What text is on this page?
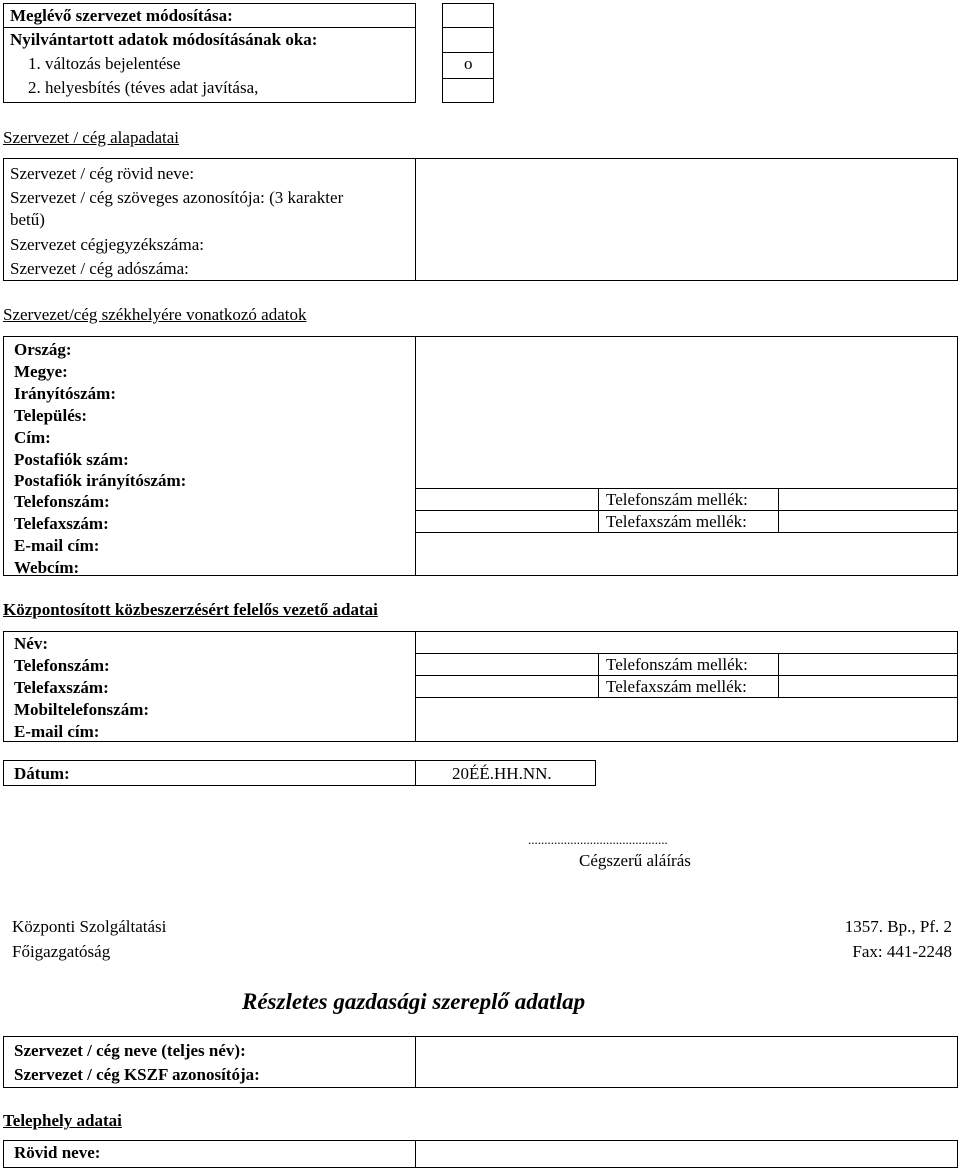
Meglévő szervezet módosítása:
Nyilvántartott adatok módosításának oka:
1. változás bejelentése
2. helyesbítés (téves adat javítása,
o
Szervezet / cég alapadatai
Szervezet / cég rövid neve:
Szervezet / cég szöveges azonosítója: (3 karakter
betű)
Szervezet cégjegyzékszáma:
Szervezet / cég adószáma:
Szervezet/cég székhelyére vonatkozó adatok
Ország:
Megye:
Irányítószám:
Település:
Cím:
Postafiók szám:
Postafiók irányítószám:
Telefonszám:
Telefaxszám:
E-mail cím:
Webcím:
Telefonszám mellék:
Telefaxszám mellék:
Központosított közbeszerzésért felelős vezető adatai
Név:
Telefonszám:
Telefaxszám:
Mobiltelefonszám:
E-mail cím:
Telefonszám mellék:
Telefaxszám mellék:
Dátum:	20ÉÉ.HH.NN.
...........................................
Cégszerű aláírás
Központi Szolgáltatási
Főigazgatóság
1357. Bp., Pf. 2
Fax: 441-2248
Részletes gazdasági szereplő adatlap
Szervezet / cég neve (teljes név):
Szervezet / cég KSZF azonosítója:
Telephely adatai
Rövid neve:
